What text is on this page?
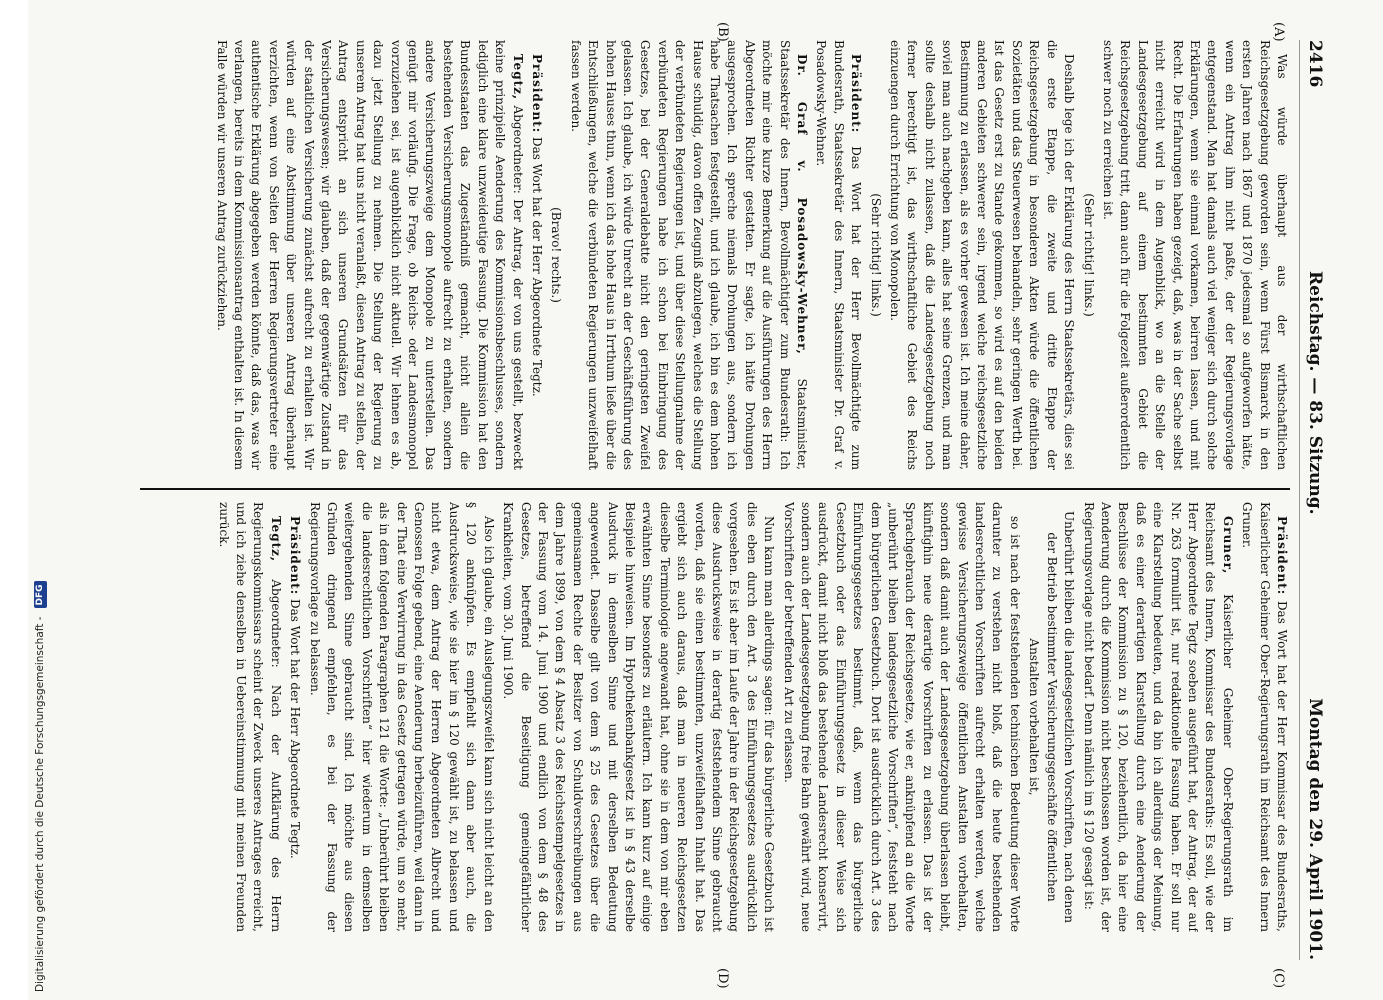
Digitalisierung gefördert durch die Deutsche Forschungsgemeinschaft -
DFG
2416
Reichstag. — 83. Sitzung.
Montag den 29. April 1901.
(A)
(B)
(C)
(D)

Was würde überhaupt aus der wirthschaftlichen Reichsgesetzgebung geworden sein, wenn Fürst Bismarck in den ersten Jahren nach 1867 und 1870 jedesmal so aufgeworfen hätte, wenn ein Antrag ihm nicht paßte, der der Regierungsvorlage entgegenstand. Man hat damals auch viel weniger sich durch solche Erklärungen, wenn sie einmal vorkamen, beirren lassen, und mit Recht. Die Erfahrungen haben gezeigt, daß, was in der Sache selbst nicht erreicht wird in dem Augenblick, wo an die Stelle der Landesgesetzgebung auf einem bestimmten Gebiet die Reichsgesetzgebung tritt, dann auch für die Folgezeit außerordentlich schwer noch zu erreichen ist.

(Sehr richtig! links.)

Deshalb lege ich der Erklärung des Herrn Staatssekretärs, dies sei die erste Etappe, die zweite und dritte Etappe der Reichsgesetzgebung in besonderen Akten würde die öffentlichen Sozietäten und das Steuerwesen behandeln, sehr geringen Werth bei. Ist das Gesetz erst zu Stande gekommen, so wird es auf den beiden anderen Gebieten schwerer sein, irgend welche reichsgesetzliche Bestimmung zu erlassen, als es vorher gewesen ist. Ich meine daher, soviel man auch nachgeben kann, alles hat seine Grenzen, und man sollte deshalb nicht zulassen, daß die Landesgesetzgebung noch ferner berechtigt ist, das wirthschaftliche Gebiet des Reichs einzuengen durch Errichtung von Monopolen.

(Sehr richtig! links.)

Präsident: Das Wort hat der Herr Bevollmächtigte zum Bundesrath, Staatssekretär des Innern, Staatsminister Dr. Graf v. Posadowsky-Wehner.

Dr. Graf v. Posadowsky-Wehner, Staatsminister, Staatssekretär des Innern, Bevollmächtigter zum Bundesrath: Ich möchte mir eine kurze Bemerkung auf die Ausführungen des Herrn Abgeordneten Richter gestatten. Er sagte, ich hätte Drohungen ausgesprochen. Ich spreche niemals Drohungen aus, sondern ich habe Thatsachen festgestellt, und ich glaube, ich bin es dem hohen Hause schuldig, davon offen Zeugniß abzulegen, welches die Stellung der verbündeten Regierungen ist, und über diese Stellungnahme der verbündeten Regierungen habe ich schon bei Einbringung des Gesetzes, bei der Generaldebatte nicht den geringsten Zweifel gelassen. Ich glaube, ich würde Unrecht an der Geschäftsführung des hohen Hauses thun, wenn ich das hohe Haus in Irrthum ließe über die Entschließungen, welche die verbündeten Regierungen unzweifelhaft fassen werden.

(Bravo! rechts.)

Präsident: Das Wort hat der Herr Abgeordnete Tegtz.

Tegtz, Abgeordneter: Der Antrag, der von uns gestellt, bezweckt keine prinzipielle Aenderung des Kommissionsbeschlusses, sondern lediglich eine klare unzweideutige Fassung. Die Kommission hat den Bundesstaaten das Zugeständniß gemacht, nicht allein die bestehenden Versicherungsmonopole aufrecht zu erhalten, sondern andere Versicherungszweige dem Monopole zu unterstellen. Das genügt mir vorläufig. Die Frage, ob Reichs- oder Landesmonopol vorzuziehen sei, ist augenblicklich nicht aktuell. Wir lehnen es ab, dazu jetzt Stellung zu nehmen. Die Stellung der Regierung zu unserem Antrag hat uns nicht veranlaßt, diesen Antrag zu stellen, der Antrag entspricht an sich unseren Grundsätzen für das Versicherungswesen; wir glauben, daß der gegenwärtige Zustand in der staatlichen Versicherung zunächst aufrecht zu erhalten ist. Wir würden auf eine Abstimmung über unseren Antrag überhaupt verzichten, wenn von Seiten der Herren Regierungsvertreter eine authentische Erklärung abgegeben werden könnte, daß das, was wir verlangen, bereits in dem Kommissionsantrag enthalten ist. In diesem Falle würden wir unseren Antrag zurückziehen.

Präsident: Das Wort hat der Herr Kommissar des Bundesraths, Kaiserlicher Geheimer Ober-Regierungsrath im Reichsamt des Innern Gruner.

Gruner, Kaiserlicher Geheimer Ober-Regierungsrath im Reichsamt des Innern, Kommissar des Bundesraths: Es soll, wie der Herr Abgeordnete Tegtz soeben ausgeführt hat, der Antrag, der auf Nr. 263 formulirt ist, nur redaktionelle Fassung haben. Er soll nur eine Klarstellung bedeuten, und da bin ich allerdings der Meinung, daß es einer derartigen Klarstellung durch eine Aenderung der Beschlüsse der Kommission zu § 120, beziehentlich, da hier eine Aenderung durch die Kommission nicht beschlossen worden ist, der Regierungsvorlage nicht bedarf. Denn nämlich im § 120 gesagt ist:

Unberührt bleiben die landesgesetzlichen Vorschriften, nach denen der Betrieb bestimmter Versicherungsgeschäfte öffentlichen Anstalten vorbehalten ist,

so ist nach der feststehenden technischen Bedeutung dieser Worte darunter zu verstehen nicht bloß, daß die heute bestehenden landesrechtlichen Vorschriften aufrecht erhalten werden, welche gewisse Versicherungszweige öffentlichen Anstalten vorbehalten, sondern daß damit auch der Landesgesetzgebung überlassen bleibt, künftighin neue derartige Vorschriften zu erlassen. Das ist der Sprachgebrauch der Reichsgesetze, wie er, anknüpfend an die Worte „unberührt bleiben landesgesetzliche Vorschriften“, feststeht nach dem bürgerlichen Gesetzbuch. Dort ist ausdrücklich durch Art. 3 des Einführungsgesetzes bestimmt, daß, wenn das bürgerliche Gesetzbuch oder das Einführungsgesetz in dieser Weise sich ausdrückt, damit nicht bloß das bestehende Landesrecht konservirt, sondern auch der Landesgesetzgebung freie Bahn gewährt wird, neue Vorschriften der betreffenden Art zu erlassen.

Nun kann man allerdings sagen: für das bürgerliche Gesetzbuch ist dies eben durch den Art. 3 des Einführungsgesetzes ausdrücklich vorgesehen. Es ist aber im Laufe der Jahre in der Reichsgesetzgebung diese Ausdrucksweise in derartig feststehendem Sinne gebraucht worden, daß sie einen bestimmten, unzweifelhaften Inhalt hat. Das ergiebt sich auch daraus, daß man in neueren Reichsgesetzen dieselbe Terminologie angewandt hat, ohne sie in dem von mir eben erwähnten Sinne besonders zu erläutern. Ich kann kurz auf einige Beispiele hinweisen. Im Hypothekenbankgesetz ist in § 43 derselbe Ausdruck in demselben Sinne und mit derselben Bedeutung angewendet. Dasselbe gilt von dem § 25 des Gesetzes über die gemeinsamen Rechte der Besitzer von Schuldverschreibungen aus dem Jahre 1899, von dem § 4 Absatz 3 des Reichsstempelgesetzes in der Fassung vom 14. Juni 1900 und endlich von dem § 48 des Gesetzes, betreffend die Beseitigung gemeingefährlicher Krankheiten, vom 30. Juni 1900.

Also ich glaube, ein Auslegungszweifel kann sich nicht leicht an den § 120 anknüpfen. Es empfiehlt sich dann aber auch, die Ausdrucksweise, wie sie hier im § 120 gewählt ist, zu belassen und nicht etwa, dem Antrag der Herren Abgeordneten Albrecht und Genossen Folge gebend, eine Aenderung herbeizuführen, weil dann in der That eine Verwirrung in das Gesetz getragen würde, um so mehr, als in dem folgenden Paragraphen 121 die Worte: „Unberührt bleiben die landesrechtlichen Vorschriften“ hier wiederum in demselben weitergehenden Sinne gebraucht sind. Ich möchte aus diesen Gründen dringend empfehlen, es bei der Fassung der Regierungsvorlage zu belassen.

Präsident: Das Wort hat der Herr Abgeordnete Tegtz.

Tegtz, Abgeordneter: Nach der Aufklärung des Herrn Regierungskommissars scheint der Zweck unseres Antrages erreicht, und ich ziehe denselben in Uebereinstimmung mit meinen Freunden zurück.
